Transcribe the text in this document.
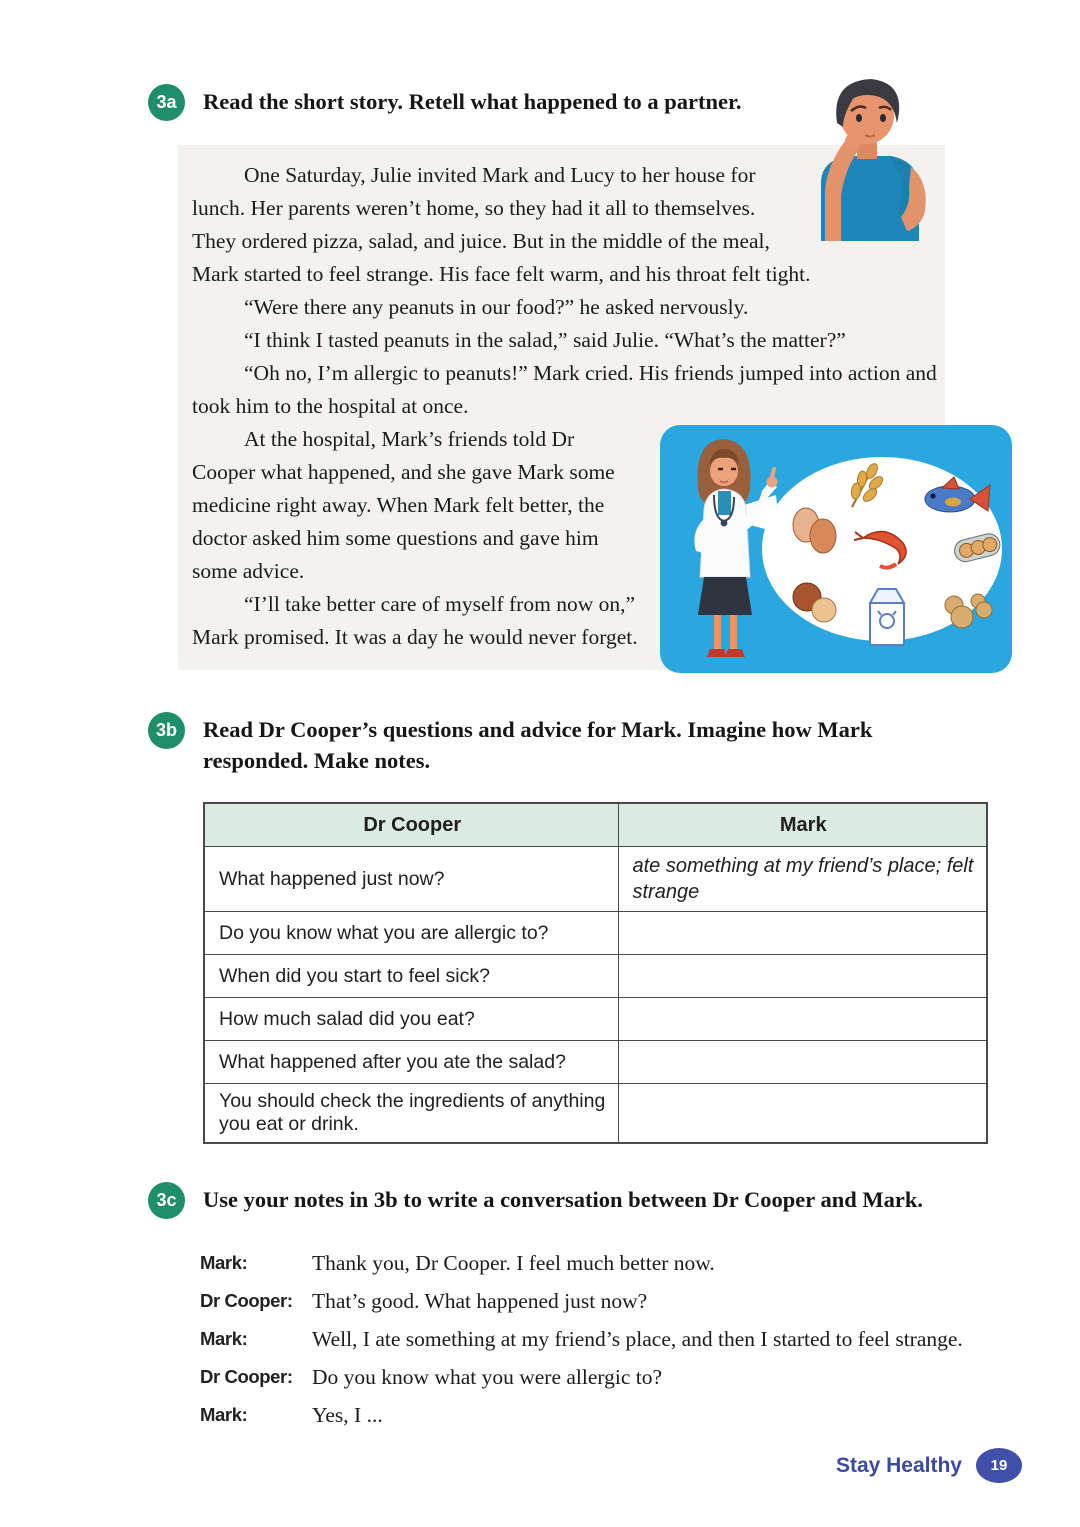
3a	Read the short story. Retell what happened to a partner.

One Saturday, Julie invited Mark and Lucy to her house for lunch. Her parents weren’t home, so they had it all to themselves. They ordered pizza, salad, and juice. But in the middle of the meal, Mark started to feel strange. His face felt warm, and his throat felt tight.

“Were there any peanuts in our food?” he asked nervously.

“I think I tasted peanuts in the salad,” said Julie. “What’s the matter?”

“Oh no, I’m allergic to peanuts!” Mark cried. His friends jumped into action and took him to the hospital at once.

At the hospital, Mark’s friends told Dr Cooper what happened, and she gave Mark some medicine right away. When Mark felt better, the doctor asked him some questions and gave him some advice.

“I’ll take better care of myself from now on,” Mark promised. It was a day he would never forget.

3b	Read Dr Cooper’s questions and advice for Mark. Imagine how Mark responded. Make notes.
Dr Cooper	Mark
What happened just now?	ate something at my friend’s place; felt strange
Do you know what you are allergic to?	
When did you start to feel sick?	
How much salad did you eat?	
What happened after you ate the salad?	
You should check the ingredients of anything you eat or drink.	
3c	Use your notes in 3b to write a conversation between Dr Cooper and Mark.
Mark:	Thank you, Dr Cooper. I feel much better now.
Dr Cooper: That’s good. What happened just now?
Mark:	Well, I ate something at my friend’s place, and then I started to feel strange.
Dr Cooper: Do you know what you were allergic to?
Mark:	Yes, I ...
Stay Healthy	19
